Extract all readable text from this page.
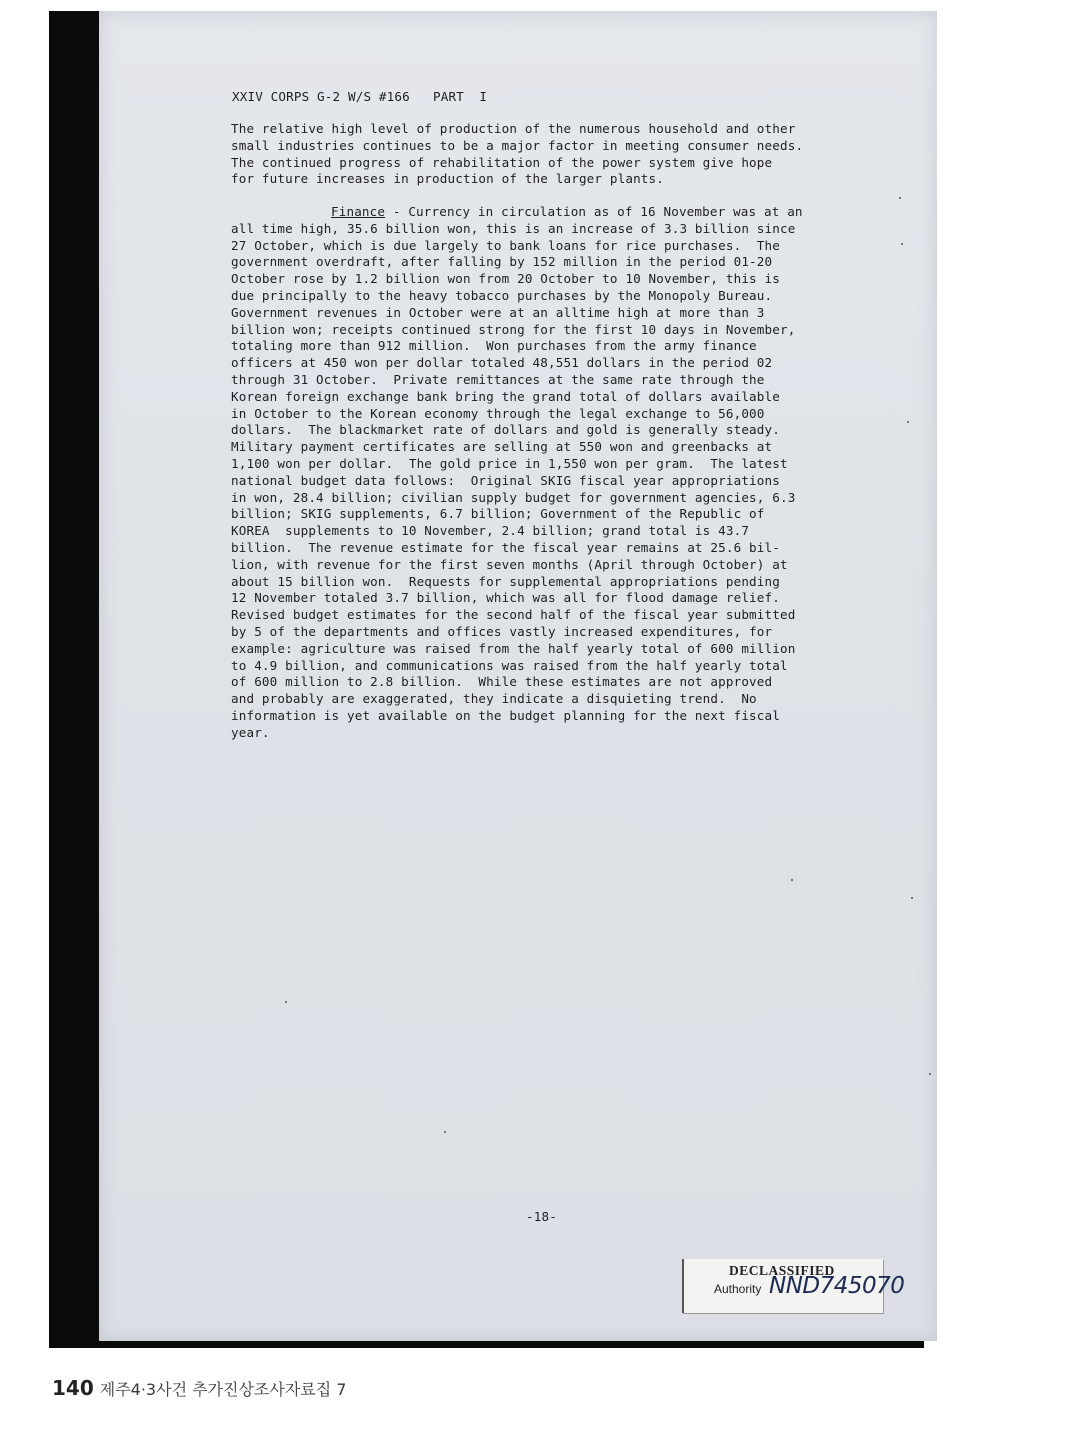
XXIV CORPS G-2 W/S #166   PART  I
The relative high level of production of the numerous household and other
small industries continues to be a major factor in meeting consumer needs.
The continued progress of rehabilitation of the power system give hope
for future increases in production of the larger plants.
Finance - Currency in circulation as of 16 November was at an
all time high, 35.6 billion won, this is an increase of 3.3 billion since
27 October, which is due largely to bank loans for rice purchases.  The
government overdraft, after falling by 152 million in the period 01-20
October rose by 1.2 billion won from 20 October to 10 November, this is
due principally to the heavy tobacco purchases by the Monopoly Bureau.
Government revenues in October were at an alltime high at more than 3
billion won; receipts continued strong for the first 10 days in November,
totaling more than 912 million.  Won purchases from the army finance
officers at 450 won per dollar totaled 48,551 dollars in the period 02
through 31 October.  Private remittances at the same rate through the
Korean foreign exchange bank bring the grand total of dollars available
in October to the Korean economy through the legal exchange to 56,000
dollars.  The blackmarket rate of dollars and gold is generally steady.
Military payment certificates are selling at 550 won and greenbacks at
1,100 won per dollar.  The gold price in 1,550 won per gram.  The latest
national budget data follows:  Original SKIG fiscal year appropriations
in won, 28.4 billion; civilian supply budget for government agencies, 6.3
billion; SKIG supplements, 6.7 billion; Government of the Republic of
KOREA  supplements to 10 November, 2.4 billion; grand total is 43.7
billion.  The revenue estimate for the fiscal year remains at 25.6 bil-
lion, with revenue for the first seven months (April through October) at
about 15 billion won.  Requests for supplemental appropriations pending
12 November totaled 3.7 billion, which was all for flood damage relief.
Revised budget estimates for the second half of the fiscal year submitted
by 5 of the departments and offices vastly increased expenditures, for
example: agriculture was raised from the half yearly total of 600 million
to 4.9 billion, and communications was raised from the half yearly total
of 600 million to 2.8 billion.  While these estimates are not approved
and probably are exaggerated, they indicate a disquieting trend.  No
information is yet available on the budget planning for the next fiscal
year.
-18-
DECLASSIFIED
Authority NND745070
140 제주4·3사건 추가진상조사자료집 7
